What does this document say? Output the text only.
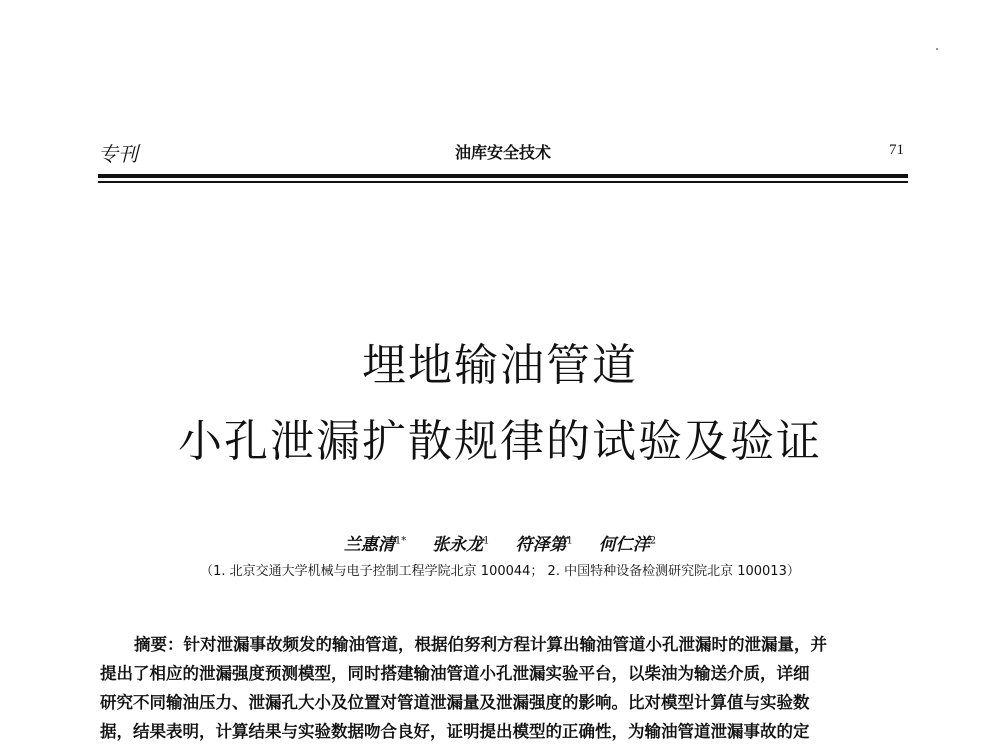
专刊	油库安全技术	71
埋地输油管道
小孔泄漏扩散规律的试验及验证
兰惠清$^{1*}$ 张永龙$^1$ 符泽第$^1$ 何仁洋$^2$
（1. 北京交通大学机械与电子控制工程学院北京 100044； 2. 中国特种设备检测研究院北京 100013）
摘要：针对泄漏事故频发的输油管道，根据伯努利方程计算出输油管道小孔泄漏时的泄漏量，并
提出了相应的泄漏强度预测模型，同时搭建输油管道小孔泄漏实验平台，以柴油为输送介质，详细
研究不同输油压力、泄漏孔大小及位置对管道泄漏量及泄漏强度的影响。比对模型计算值与实验数
据，结果表明，计算结果与实验数据吻合良好，证明提出模型的正确性，为输油管道泄漏事故的定
